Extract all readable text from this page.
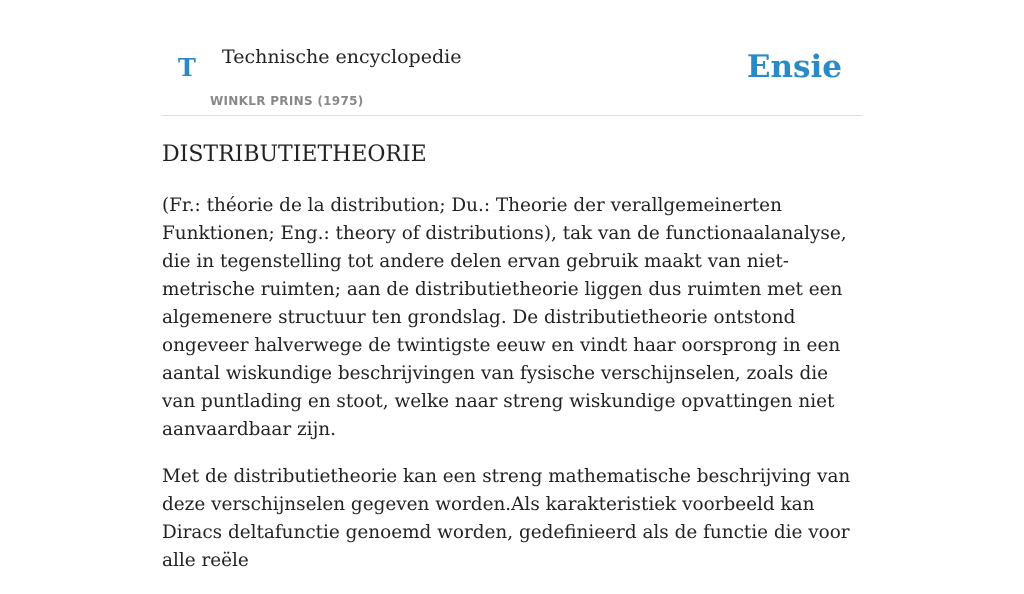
T Technische encyclopedie
WINKLR PRINS (1975)
Ensie
DISTRIBUTIETHEORIE

(Fr.: théorie de la distribution; Du.: Theorie der verallgemeinerten Funktionen; Eng.: theory of distributions), tak van de functionaalanalyse, die in tegenstelling tot andere delen ervan gebruik maakt van niet-metrische ruimten; aan de distributietheorie liggen dus ruimten met een algemenere structuur ten grondslag. De distributietheorie ontstond ongeveer halverwege de twintigste eeuw en vindt haar oorsprong in een aantal wiskundige beschrijvingen van fysische verschijnselen, zoals die van puntlading en stoot, welke naar streng wiskundige opvattingen niet aanvaardbaar zijn.

Met de distributietheorie kan een streng mathematische beschrijving van deze verschijnselen gegeven worden.Als karakteristiek voorbeeld kan Diracs deltafunctie genoemd worden, gedefinieerd als de functie die voor alle reële
